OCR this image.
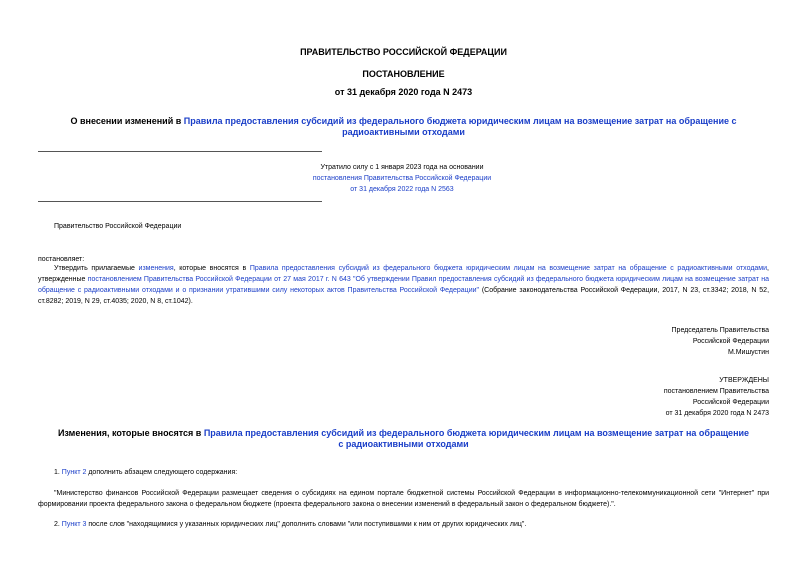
ПРАВИТЕЛЬСТВО РОССИЙСКОЙ ФЕДЕРАЦИИ
ПОСТАНОВЛЕНИЕ
от 31 декабря 2020 года N 2473
О внесении изменений в Правила предоставления субсидий из федерального бюджета юридическим лицам на возмещение затрат на обращение с радиоактивными отходами
Утратило силу с 1 января 2023 года на основании
постановления Правительства Российской Федерации
от 31 декабря 2022 года N 2563
Правительство Российской Федерации
постановляет:
Утвердить прилагаемые изменения, которые вносятся в Правила предоставления субсидий из федерального бюджета юридическим лицам на возмещение затрат на обращение с радиоактивными отходами, утвержденные постановлением Правительства Российской Федерации от 27 мая 2017 г. N 643 "Об утверждении Правил предоставления субсидий из федерального бюджета юридическим лицам на возмещение затрат на обращение с радиоактивными отходами и о признании утратившими силу некоторых актов Правительства Российской Федерации" (Собрание законодательства Российской Федерации, 2017, N 23, ст.3342; 2018, N 52, ст.8282; 2019, N 29, ст.4035; 2020, N 8, ст.1042).
Председатель Правительства
Российской Федерации
М.Мишустин
УТВЕРЖДЕНЫ
постановлением Правительства
Российской Федерации
от 31 декабря 2020 года N 2473
Изменения, которые вносятся в Правила предоставления субсидий из федерального бюджета юридическим лицам на возмещение затрат на обращение с радиоактивными отходами
1. Пункт 2 дополнить абзацем следующего содержания:
"Министерство финансов Российской Федерации размещает сведения о субсидиях на едином портале бюджетной системы Российской Федерации в информационно-телекоммуникационной сети "Интернет" при формировании проекта федерального закона о федеральном бюджете (проекта федерального закона о внесении изменений в федеральный закон о федеральном бюджете).".
2. Пункт 3 после слов "находящимися у указанных юридических лиц" дополнить словами "или поступившими к ним от других юридических лиц".
